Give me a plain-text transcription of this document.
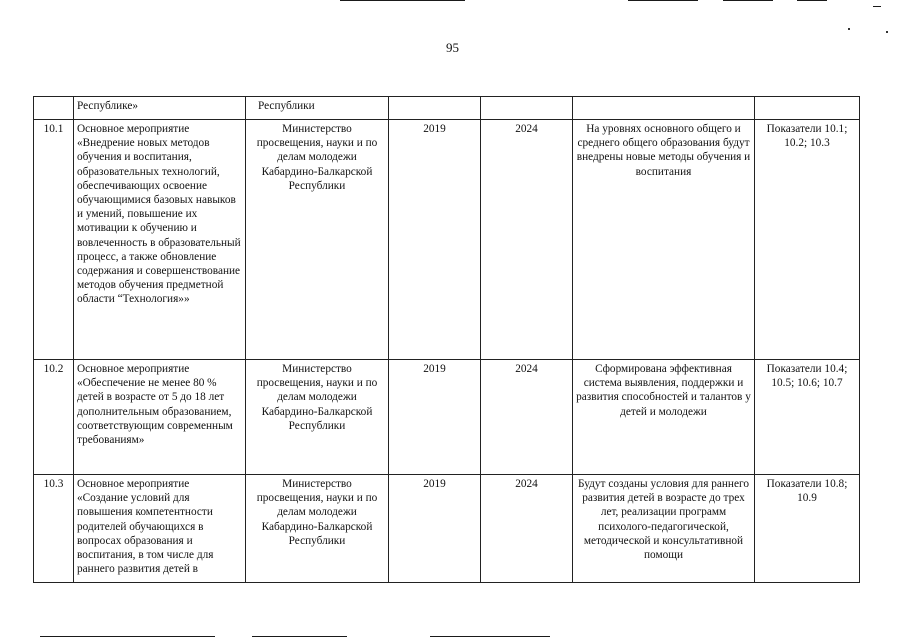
95
	Республике»	Республики				
10.1	Основное мероприятие «Внедрение новых методов обучения и воспитания, образовательных технологий, обеспечивающих освоение обучающимися базовых навыков и умений, повышение их мотивации к обучению и вовлеченность в образовательный процесс, а также обновление содержания и совершенствование методов обучения предметной области “Технология»»	Министерство просвещения, науки и по делам молодежи Кабардино-Балкарской Республики	2019	2024	На уровнях основного общего и среднего общего образования будут внедрены новые методы обучения и воспитания	Показатели 10.1; 10.2; 10.3
10.2	Основное мероприятие «Обеспечение не менее 80 % детей в возрасте от 5 до 18 лет дополнительным образованием, соответствующим современным требованиям»	Министерство просвещения, науки и по делам молодежи Кабардино-Балкарской Республики	2019	2024	Сформирована эффективная система выявления, поддержки и развития способностей и талантов у детей и молодежи	Показатели 10.4; 10.5; 10.6; 10.7
10.3	Основное мероприятие «Создание условий для повышения компетентности родителей обучающихся в вопросах образования и воспитания, в том числе для раннего развития детей в	Министерство просвещения, науки и по делам молодежи Кабардино-Балкарской Республики	2019	2024	Будут созданы условия для раннего развития детей в возрасте до трех лет, реализации программ психолого-педагогической, методической и консультативной помощи	Показатели 10.8; 10.9
